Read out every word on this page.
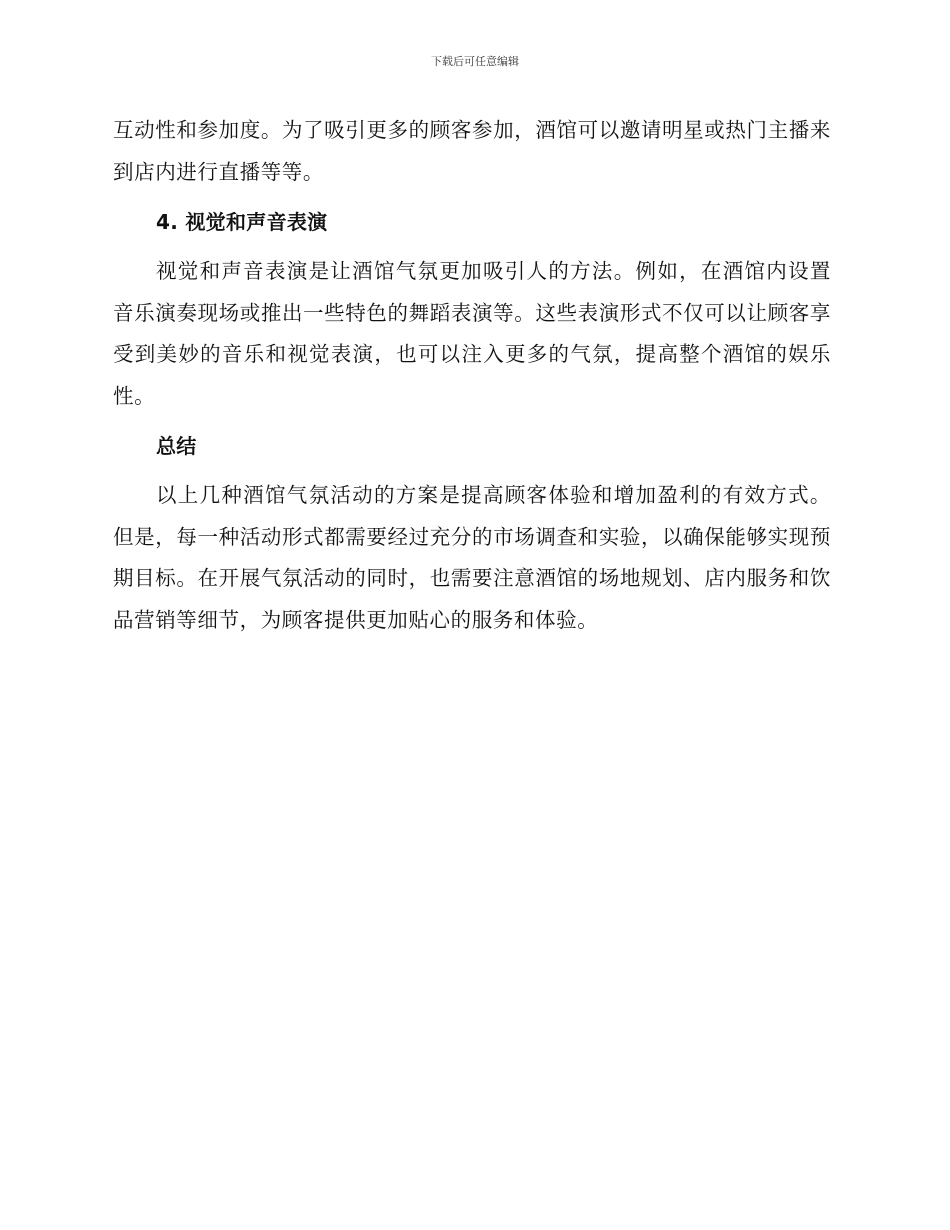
下载后可任意编辑

互动性和参加度。为了吸引更多的顾客参加，酒馆可以邀请明星或热门主播来到店内进行直播等等。

4. 视觉和声音表演

视觉和声音表演是让酒馆气氛更加吸引人的方法。例如，在酒馆内设置音乐演奏现场或推出一些特色的舞蹈表演等。这些表演形式不仅可以让顾客享受到美妙的音乐和视觉表演，也可以注入更多的气氛，提高整个酒馆的娱乐性。

总结

以上几种酒馆气氛活动的方案是提高顾客体验和增加盈利的有效方式。但是，每一种活动形式都需要经过充分的市场调查和实验，以确保能够实现预期目标。在开展气氛活动的同时，也需要注意酒馆的场地规划、店内服务和饮品营销等细节，为顾客提供更加贴心的服务和体验。
